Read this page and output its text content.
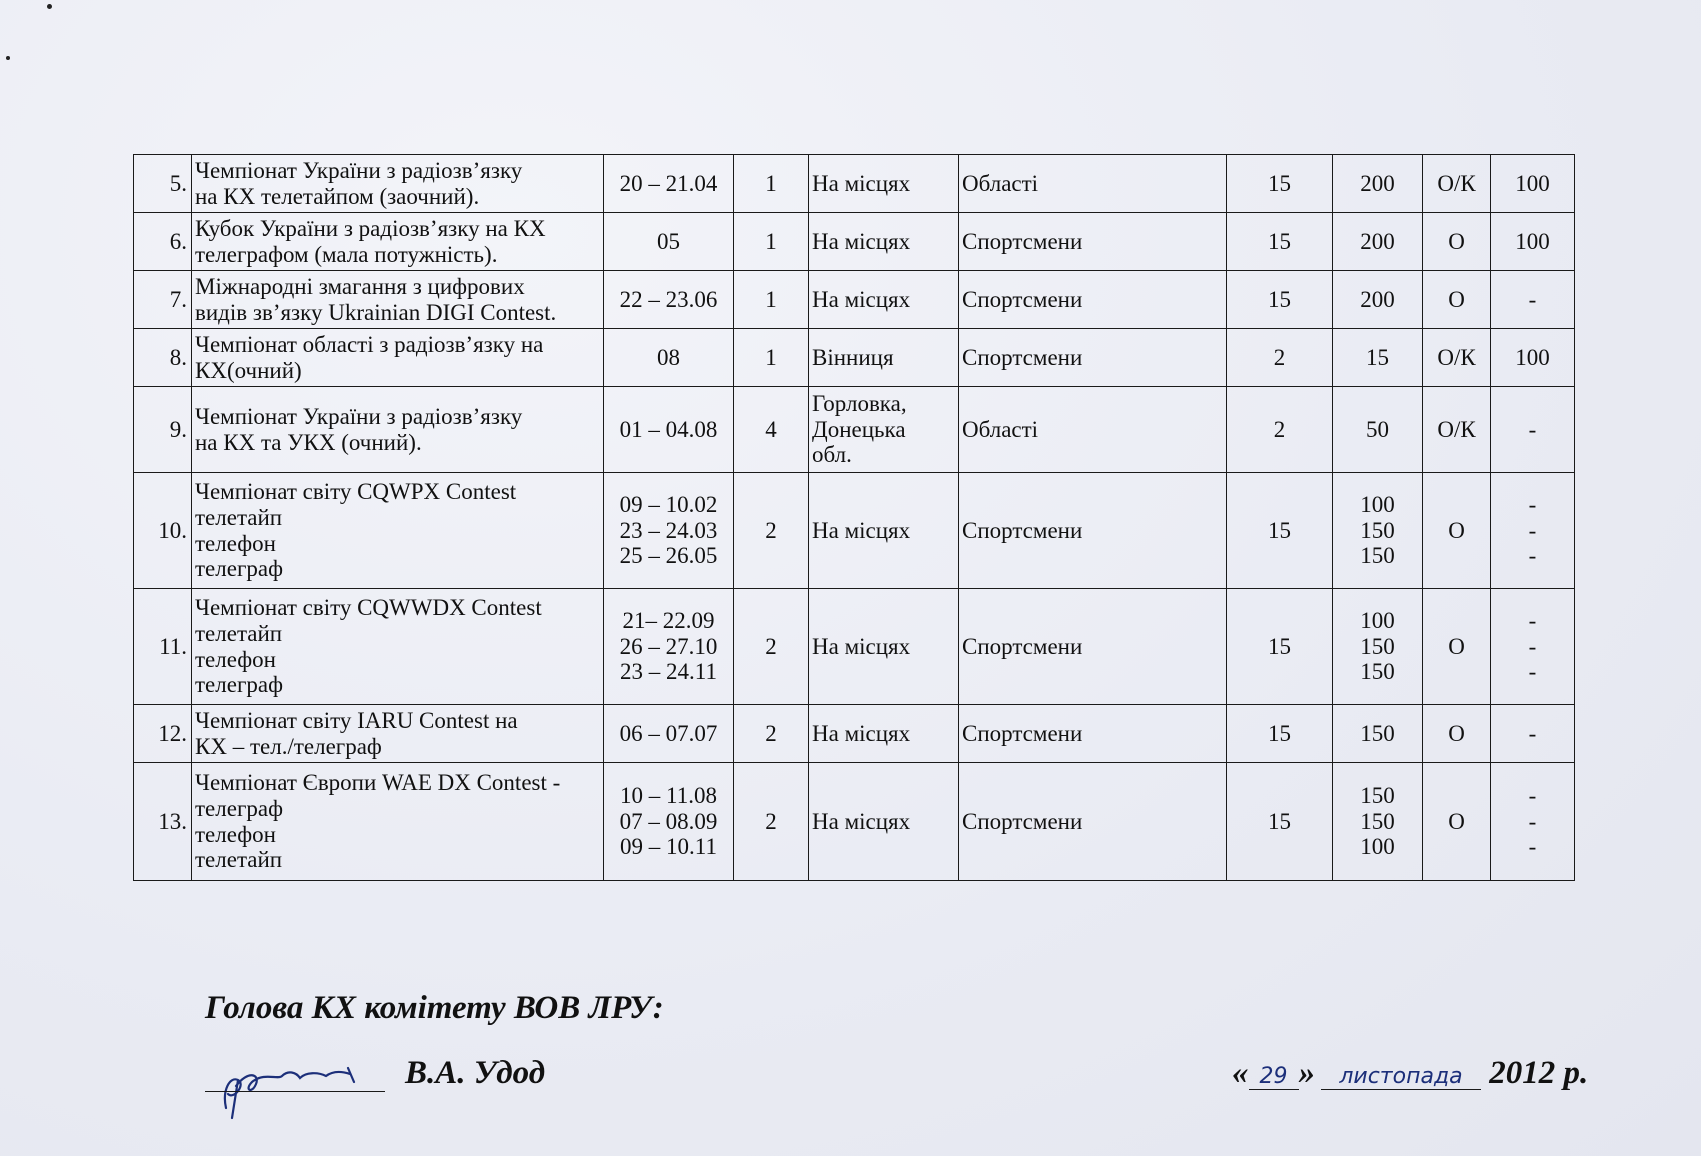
5.	Чемпіонат України з радіозв’язку
на КХ телетайпом (заочний).	20 – 21.04	1	На місцях	Області	15	200	О/К	100

6.	Кубок України з радіозв’язку на КХ
телеграфом (мала потужність).	05	1	На місцях	Спортсмени	15	200	О	100

7.	Міжнародні змагання з цифрових
видів зв’язку Ukrainian DIGI Contest.	22 – 23.06	1	На місцях	Спортсмени	15	200	О	-

8.	Чемпіонат області з радіозв’язку на
КХ(очний)	08	1	Вінниця	Спортсмени	2	15	О/К	100

9.	Чемпіонат України з радіозв’язку
на КХ та УКХ (очний).	01 – 04.08	4	Горловка,
Донецька
обл.	Області	2	50	О/К	-

10.	Чемпіонат світу CQWPX Contest
телетайп
телефон
телеграф	09 – 10.02
23 – 24.03
25 – 26.05	2	На місцях	Спортсмени	15	100
150
150	О	-
-
-

11.	Чемпіонат світу CQWWDX Contest
телетайп
телефон
телеграф	21– 22.09
26 – 27.10
23 – 24.11	2	На місцях	Спортсмени	15	100
150
150	О	-
-
-

12.	Чемпіонат світу IARU Contest на
КХ – тел./телеграф	06 – 07.07	2	На місцях	Спортсмени	15	150	О	-

13.	Чемпіонат Європи WAE DX Contest -
телеграф
телефон
телетайп	10 – 11.08
07 – 08.09
09 – 10.11	2	На місцях	Спортсмени	15	150
150
100	О	-
-
-
Голова КХ комітету ВОВ ЛРУ:
В.А. Удод	« 29 » листопада 2012 р.
